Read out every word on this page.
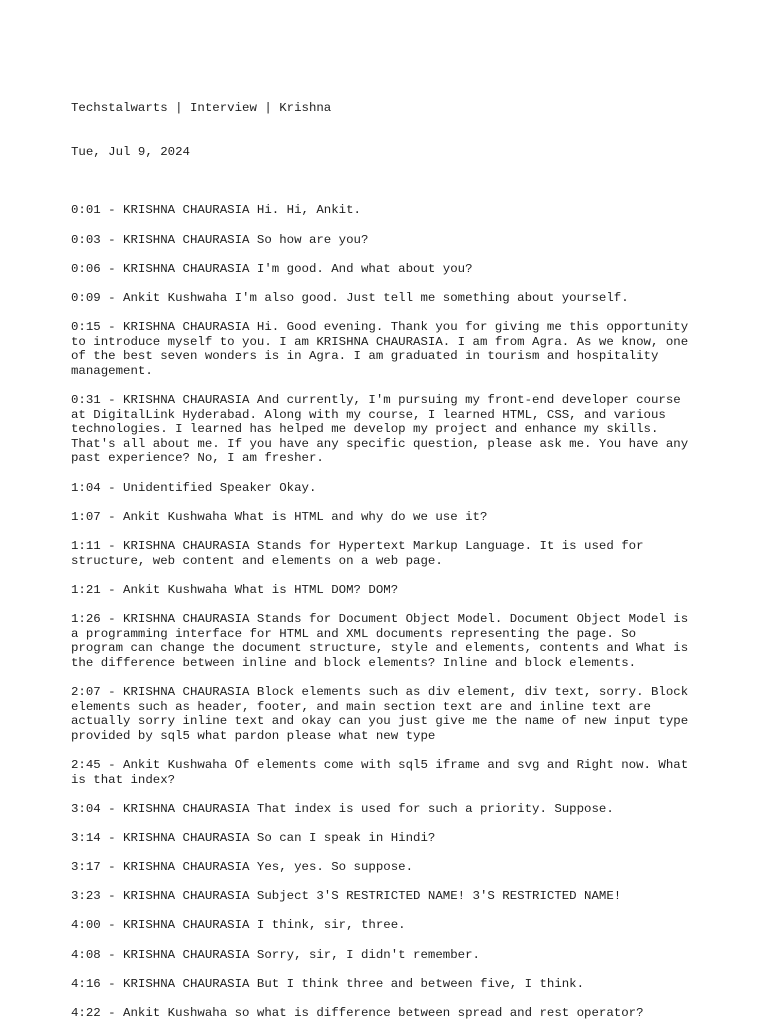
Techstalwarts | Interview | Krishna

Tue, Jul 9, 2024

0:01 - KRISHNA CHAURASIA Hi. Hi, Ankit.
0:03 - KRISHNA CHAURASIA So how are you?
0:06 - KRISHNA CHAURASIA I'm good. And what about you?
0:09 - Ankit Kushwaha I'm also good. Just tell me something about yourself.
0:15 - KRISHNA CHAURASIA Hi. Good evening. Thank you for giving me this opportunity
to introduce myself to you. I am KRISHNA CHAURASIA. I am from Agra. As we know, one
of the best seven wonders is in Agra. I am graduated in tourism and hospitality
management.
0:31 - KRISHNA CHAURASIA And currently, I'm pursuing my front-end developer course
at DigitalLink Hyderabad. Along with my course, I learned HTML, CSS, and various
technologies. I learned has helped me develop my project and enhance my skills.
That's all about me. If you have any specific question, please ask me. You have any
past experience? No, I am fresher.
1:04 - Unidentified Speaker Okay.
1:07 - Ankit Kushwaha What is HTML and why do we use it?
1:11 - KRISHNA CHAURASIA Stands for Hypertext Markup Language. It is used for
structure, web content and elements on a web page.
1:21 - Ankit Kushwaha What is HTML DOM? DOM?
1:26 - KRISHNA CHAURASIA Stands for Document Object Model. Document Object Model is
a programming interface for HTML and XML documents representing the page. So
program can change the document structure, style and elements, contents and What is
the difference between inline and block elements? Inline and block elements.
2:07 - KRISHNA CHAURASIA Block elements such as div element, div text, sorry. Block
elements such as header, footer, and main section text are and inline text are
actually sorry inline text and okay can you just give me the name of new input type
provided by sql5 what pardon please what new type
2:45 - Ankit Kushwaha Of elements come with sql5 iframe and svg and Right now. What
is that index?
3:04 - KRISHNA CHAURASIA That index is used for such a priority. Suppose.
3:14 - KRISHNA CHAURASIA So can I speak in Hindi?
3:17 - KRISHNA CHAURASIA Yes, yes. So suppose.
3:23 - KRISHNA CHAURASIA Subject 3'S RESTRICTED NAME! 3'S RESTRICTED NAME!
4:00 - KRISHNA CHAURASIA I think, sir, three.
4:08 - KRISHNA CHAURASIA Sorry, sir, I didn't remember.
4:16 - KRISHNA CHAURASIA But I think three and between five, I think.
4:22 - Ankit Kushwaha so what is difference between spread and rest operator?
